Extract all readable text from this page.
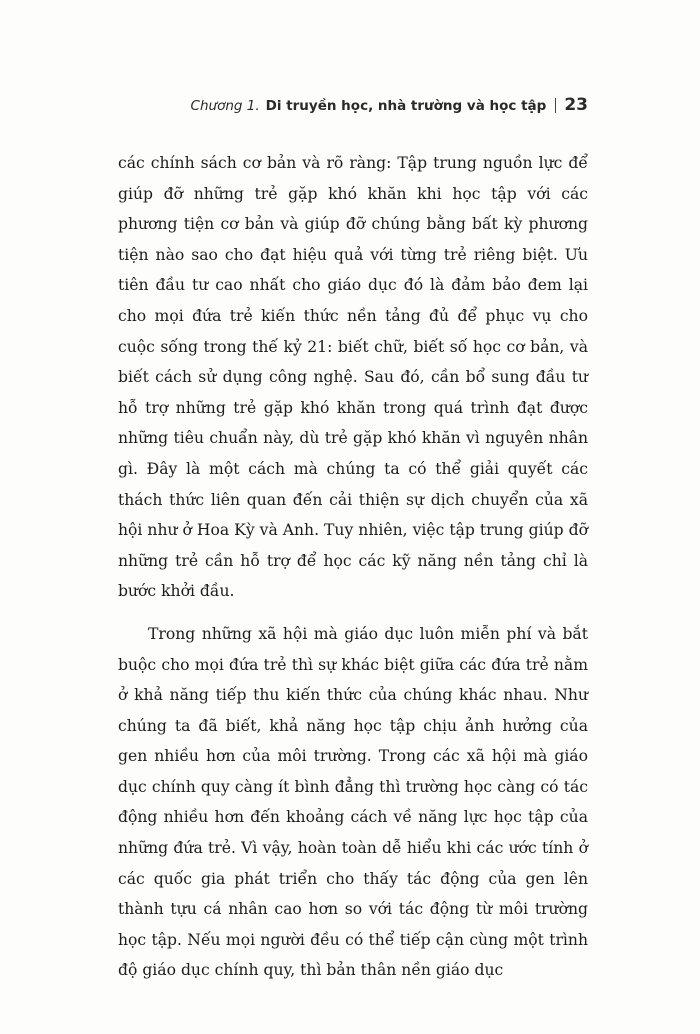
Chương 1. Di truyền học, nhà trường và học tập 23

các chính sách cơ bản và rõ ràng: Tập trung nguồn lực để giúp đỡ những trẻ gặp khó khăn khi học tập với các phương tiện cơ bản và giúp đỡ chúng bằng bất kỳ phương tiện nào sao cho đạt hiệu quả với từng trẻ riêng biệt. Ưu tiên đầu tư cao nhất cho giáo dục đó là đảm bảo đem lại cho mọi đứa trẻ kiến thức nền tảng đủ để phục vụ cho cuộc sống trong thế kỷ 21: biết chữ, biết số học cơ bản, và biết cách sử dụng công nghệ. Sau đó, cần bổ sung đầu tư hỗ trợ những trẻ gặp khó khăn trong quá trình đạt được những tiêu chuẩn này, dù trẻ gặp khó khăn vì nguyên nhân gì. Đây là một cách mà chúng ta có thể giải quyết các thách thức liên quan đến cải thiện sự dịch chuyển của xã hội như ở Hoa Kỳ và Anh. Tuy nhiên, việc tập trung giúp đỡ những trẻ cần hỗ trợ để học các kỹ năng nền tảng chỉ là bước khởi đầu.

Trong những xã hội mà giáo dục luôn miễn phí và bắt buộc cho mọi đứa trẻ thì sự khác biệt giữa các đứa trẻ nằm ở khả năng tiếp thu kiến thức của chúng khác nhau. Như chúng ta đã biết, khả năng học tập chịu ảnh hưởng của gen nhiều hơn của môi trường. Trong các xã hội mà giáo dục chính quy càng ít bình đẳng thì trường học càng có tác động nhiều hơn đến khoảng cách về năng lực học tập của những đứa trẻ. Vì vậy, hoàn toàn dễ hiểu khi các ước tính ở các quốc gia phát triển cho thấy tác động của gen lên thành tựu cá nhân cao hơn so với tác động từ môi trường học tập. Nếu mọi người đều có thể tiếp cận cùng một trình độ giáo dục chính quy, thì bản thân nền giáo dục
